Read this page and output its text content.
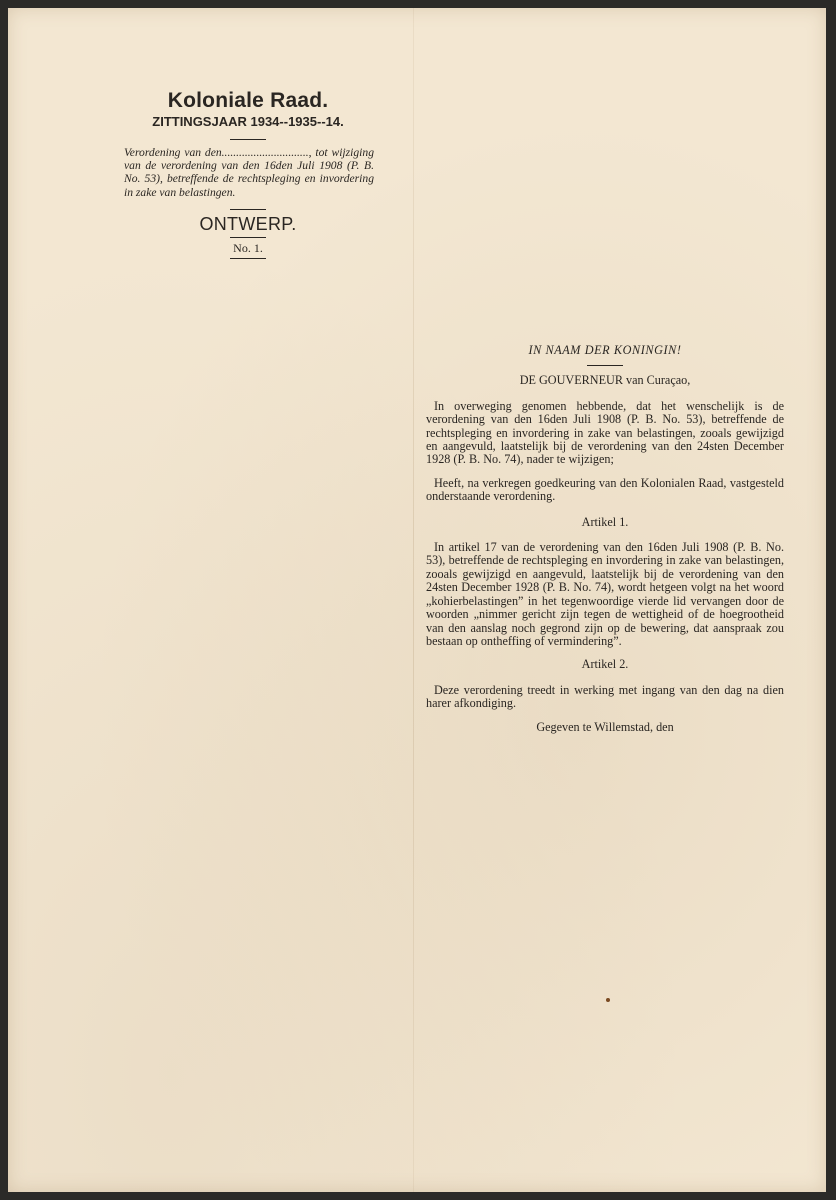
Koloniale Raad.

ZITTINGSJAAR 1934--1935--14.

Verordening van den.............................., tot wijziging van de verordening van den 16den Juli 1908 (P. B. No. 53), betreffende de rechtspleging en invordering in zake van belastingen.

ONTWERP.

No. 1.

IN NAAM DER KONINGIN!

DE GOUVERNEUR van Curaçao,

In overweging genomen hebbende, dat het wenschelijk is de verordening van den 16den Juli 1908 (P. B. No. 53), betreffende de rechtspleging en invordering in zake van belastingen, zooals gewijzigd en aangevuld, laatstelijk bij de verordening van den 24sten December 1928 (P. B. No. 74), nader te wijzigen;

Heeft, na verkregen goedkeuring van den Kolonialen Raad, vastgesteld onderstaande verordening.

Artikel 1.

In artikel 17 van de verordening van den 16den Juli 1908 (P. B. No. 53), betreffende de rechtspleging en invordering in zake van belastingen, zooals gewijzigd en aangevuld, laatstelijk bij de verordening van den 24sten December 1928 (P. B. No. 74), wordt hetgeen volgt na het woord „kohierbelastingen” in het tegenwoordige vierde lid vervangen door de woorden „nimmer gericht zijn tegen de wettigheid of de hoegrootheid van den aanslag noch gegrond zijn op de bewering, dat aanspraak zou bestaan op ontheffing of vermindering”.

Artikel 2.

Deze verordening treedt in werking met ingang van den dag na dien harer afkondiging.

Gegeven te Willemstad, den
